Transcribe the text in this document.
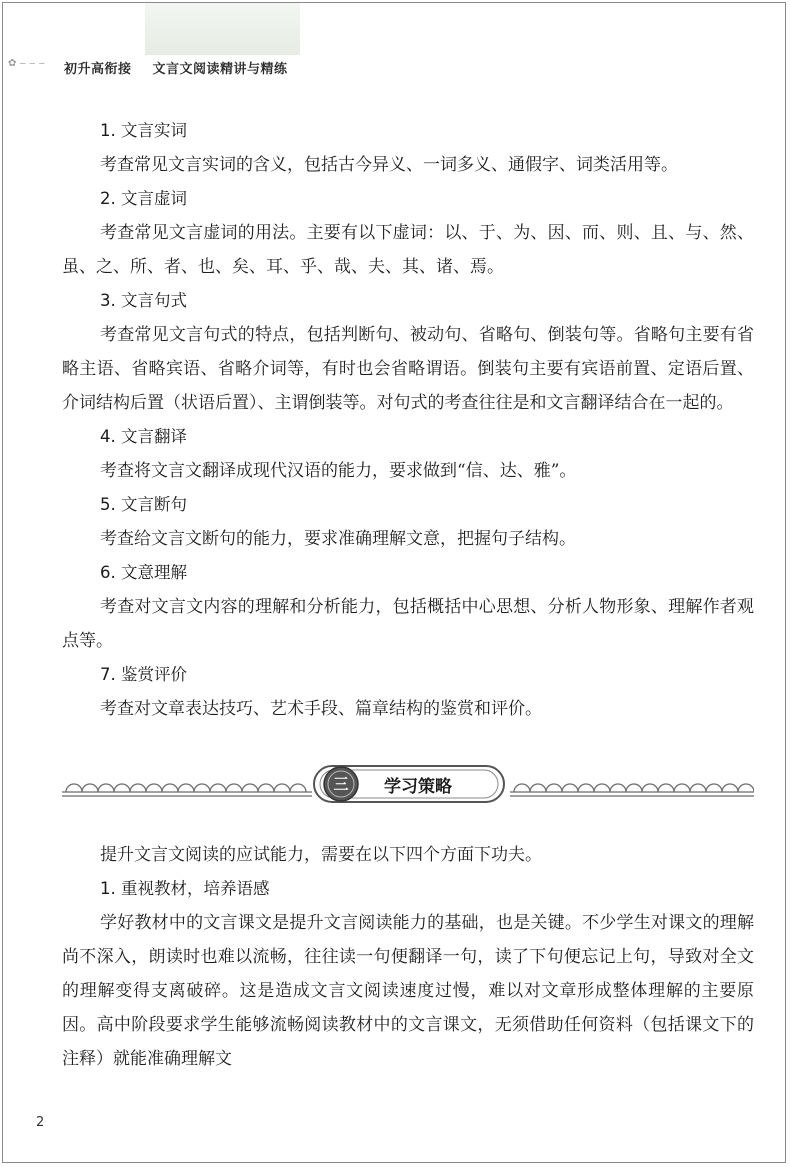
✿ ‒ ‒ ‒ 初升高衔接 文言文阅读精讲与精练
1. 文言实词

考查常见文言实词的含义，包括古今异义、一词多义、通假字、词类活用等。

2. 文言虚词

考查常见文言虚词的用法。主要有以下虚词：以、于、为、因、而、则、且、与、然、虽、之、所、者、也、矣、耳、乎、哉、夫、其、诸、焉。

3. 文言句式

考查常见文言句式的特点，包括判断句、被动句、省略句、倒装句等。省略句主要有省略主语、省略宾语、省略介词等，有时也会省略谓语。倒装句主要有宾语前置、定语后置、介词结构后置（状语后置）、主谓倒装等。对句式的考查往往是和文言翻译结合在一起的。

4. 文言翻译

考查将文言文翻译成现代汉语的能力，要求做到“信、达、雅”。

5. 文言断句

考查给文言文断句的能力，要求准确理解文意，把握句子结构。

6. 文意理解

考查对文言文内容的理解和分析能力，包括概括中心思想、分析人物形象、理解作者观点等。

7. 鉴赏评价

考查对文章表达技巧、艺术手段、篇章结构的鉴赏和评价。

三	学习策略

提升文言文阅读的应试能力，需要在以下四个方面下功夫。

1. 重视教材，培养语感

学好教材中的文言课文是提升文言阅读能力的基础，也是关键。不少学生对课文的理解尚不深入，朗读时也难以流畅，往往读一句便翻译一句，读了下句便忘记上句，导致对全文的理解变得支离破碎。这是造成文言文阅读速度过慢，难以对文章形成整体理解的主要原因。高中阶段要求学生能够流畅阅读教材中的文言课文，无须借助任何资料（包括课文下的注释）就能准确理解文

2
